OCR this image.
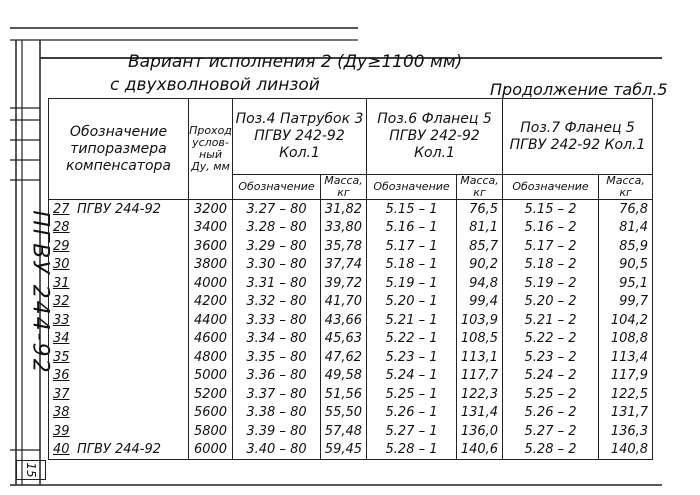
ПГВУ 244-92
15
Вариант исполнения 2 (Ду≥1100 мм)
с двухволновой линзой	Продолжение табл.5
Обозначение типоразмера компенсатора	Проход услов-ный Ду, мм	Поз.4 Патрубок 3 ПГВУ 242-92 Кол.1		Поз.6 Фланец 5 ПГВУ 242-92 Кол.1		Поз.7 Фланец 5 ПГВУ 242-92 Кол.1	
		Обозначение	Масса, кг	Обозначение	Масса, кг	Обозначение	Масса, кг
27 ПГВУ 244-92	3200	3.27 – 80	31,82	5.15 – 1	76,5	5.15 – 2	76,8
28	3400	3.28 – 80	33,80	5.16 – 1	81,1	5.16 – 2	81,4
29	3600	3.29 – 80	35,78	5.17 – 1	85,7	5.17 – 2	85,9
30	3800	3.30 – 80	37,74	5.18 – 1	90,2	5.18 – 2	90,5
31	4000	3.31 – 80	39,72	5.19 – 1	94,8	5.19 – 2	95,1
32	4200	3.32 – 80	41,70	5.20 – 1	99,4	5.20 – 2	99,7
33	4400	3.33 – 80	43,66	5.21 – 1	103,9	5.21 – 2	104,2
34	4600	3.34 – 80	45,63	5.22 – 1	108,5	5.22 – 2	108,8
35	4800	3.35 – 80	47,62	5.23 – 1	113,1	5.23 – 2	113,4
36	5000	3.36 – 80	49,58	5.24 – 1	117,7	5.24 – 2	117,9
37	5200	3.37 – 80	51,56	5.25 – 1	122,3	5.25 – 2	122,5
38	5600	3.38 – 80	55,50	5.26 – 1	131,4	5.26 – 2	131,7
39	5800	3.39 – 80	57,48	5.27 – 1	136,0	5.27 – 2	136,3
40 ПГВУ 244-92	6000	3.40 – 80	59,45	5.28 – 1	140,6	5.28 – 2	140,8
